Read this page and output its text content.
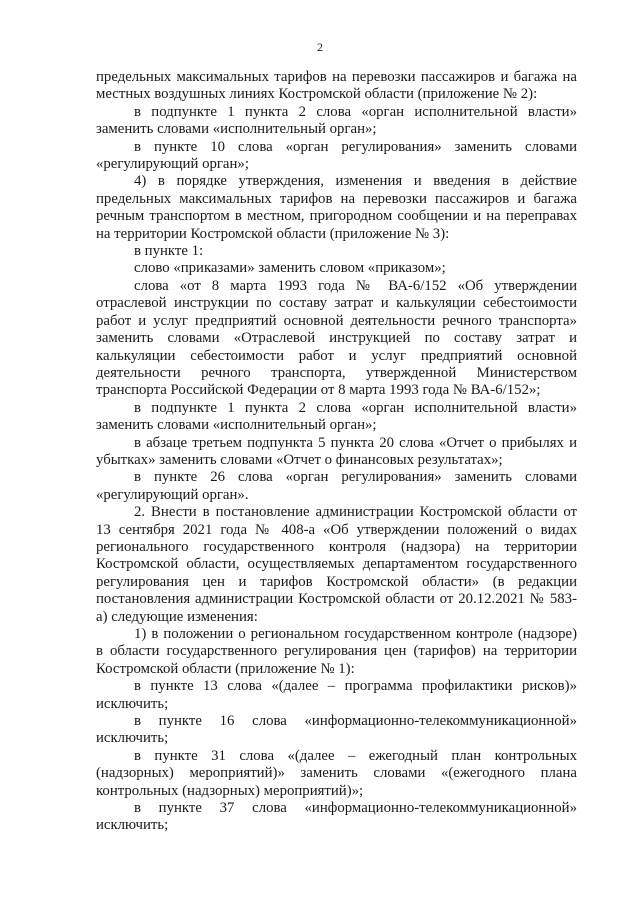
2

предельных максимальных тарифов на перевозки пассажиров и багажа на местных воздушных линиях Костромской области (приложение № 2):

в подпункте 1 пункта 2 слова «орган исполнительной власти» заменить словами «исполнительный орган»;

в пункте 10 слова «орган регулирования» заменить словами «регулирующий орган»;

4) в порядке утверждения, изменения и введения в действие предельных максимальных тарифов на перевозки пассажиров и багажа речным транспортом в местном, пригородном сообщении и на переправах на территории Костромской области (приложение № 3):

в пункте 1:

слово «приказами» заменить словом «приказом»;

слова «от 8 марта 1993 года № ВА-6/152 «Об утверждении отраслевой инструкции по составу затрат и калькуляции себестоимости работ и услуг предприятий основной деятельности речного транспорта» заменить словами «Отраслевой инструкцией по составу затрат и калькуляции себестоимости работ и услуг предприятий основной деятельности речного транспорта, утвержденной Министерством транспорта Российской Федерации от 8 марта 1993 года № ВА-6/152»;

в подпункте 1 пункта 2 слова «орган исполнительной власти» заменить словами «исполнительный орган»;

в абзаце третьем подпункта 5 пункта 20 слова «Отчет о прибылях и убытках» заменить словами «Отчет о финансовых результатах»;

в пункте 26 слова «орган регулирования» заменить словами «регулирующий орган».

2. Внести в постановление администрации Костромской области от 13 сентября 2021 года № 408-а «Об утверждении положений о видах регионального государственного контроля (надзора) на территории Костромской области, осуществляемых департаментом государственного регулирования цен и тарифов Костромской области» (в редакции постановления администрации Костромской области от 20.12.2021 № 583-а) следующие изменения:

1) в положении о региональном государственном контроле (надзоре) в области государственного регулирования цен (тарифов) на территории Костромской области (приложение № 1):

в пункте 13 слова «(далее – программа профилактики рисков)» исключить;

в пункте 16 слова «информационно-телекоммуникационной» исключить;

в пункте 31 слова «(далее – ежегодный план контрольных (надзорных) мероприятий)» заменить словами «(ежегодного плана контрольных (надзорных) мероприятий)»;

в пункте 37 слова «информационно-телекоммуникационной» исключить;
